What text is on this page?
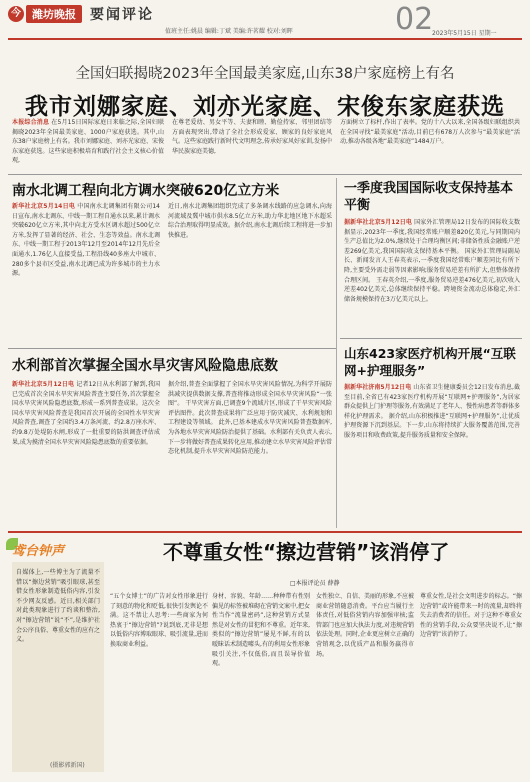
今	潍坊晚报	要闻评论
值班主任:姚晨 编辑:丁斌 美编:许茗耀 校对:刘晖	02
2023年5月15日 星期一
全国妇联揭晓2023年全国最美家庭,山东38户家庭榜上有名
我市刘娜家庭、刘亦光家庭、宋俊东家庭获选
本报综合消息 在5月15日国际家庭日来临之际,全国妇联揭晓2023年全国最美家庭、1000户家庭获选。其中,山东38户家庭榜上有名。我市刘娜家庭、刘亦光家庭、宋俊东家庭获选。这些家庭积极培育和践行社会主义核心价值观,
在尊老爱幼、男女平等、夫妻和睦、勤俭持家、邻里团结等方面表现突出,带动了全社会形成爱家、顾家的良好家庭风气。这些家庭践行新时代文明理念,传承好家风好家训,发扬中华民族家庭美德,
方面树立了标杆,作出了表率。党的十八大以来,全国各级妇联组织共在全国寻找“最美家庭”活动,目前已有678万人次参与“最美家庭”活动,推动各级各地“最美家庭”1484万户。
南水北调工程向北方调水突破620亿立方米
新华社北京5月14日电 中国南水北调集团有限公司14日宣布,南水北调东、中线一期工程自通水以来,累计调水突破620亿立方米,其中向北方受水区调水超过500亿立方米,发挥了显著的经济、社会、生态等效益。南水北调东、中线一期工程于2013年12月至2014年12月先后全面通水,1.76亿人直接受益,工程沿线40多座大中城市、280多个县市区受益,南水北调已成为许多城市的主力水源。
近日,南水北调集团组织完成了多条调水线路的应急调水,向海河流域及冀中城市供水8.5亿立方米,助力华北地区地下水超采综合治理取得明显成效。据介绍,南水北调后续工程将进一步加快推进。
水利部首次掌握全国水旱灾害风险隐患底数
新华社北京5月12日电 记者12日从水利部了解到,我国已完成首次全国水旱灾害风险普查主要任务,首次掌握全国水旱灾害风险隐患底数,形成一系列普查成果。这次全国水旱灾害风险普查是我国首次开展的全国性水旱灾害风险普查,调查了全国约3.4万条河流、约2.8万座水库、约9.8万处堤防水闸,形成了一批重要的防洪调查评估成果,成为摸清全国水旱灾害风险隐患底数的重要依据。
据介绍,普查全面掌握了全国水旱灾害风险情况,为科学开展防洪减灾提供数据支撑,普查将推动形成全国水旱灾害风险“一张图”。 干旱灾害方面,已调查9个流域片区,形成了干旱灾害风险评估图件。此次普查成果将广泛应用于防灾减灾、水利规划和工程建设等领域。 此外,已基本建成水旱灾害风险普查数据库,为各地水旱灾害风险防治提供了基础。水利部有关负责人表示,下一步将做好普查成果转化应用,推动建立水旱灾害风险评估常态化机制,提升水旱灾害风险防范能力。
一季度我国国际收支保持基本平衡
据新华社北京5月12日电 国家外汇管理局12日发布的国际收支数据显示,2023年一季度,我国经常账户顺差820亿美元,与同期国内生产总值比为2.0%,继续处于合理均衡区间;非储备性质金融账户逆差269亿美元,我国国际收支保持基本平衡。 国家外汇管理局副局长、新闻发言人王春英表示,一季度我国经常账户顺差同比有所下降,主要受外需走弱等因素影响;服务贸易逆差有所扩大,但整体保持合理区间。 王春英介绍,一季度,服务贸易逆差476亿美元,初次收入逆差402亿美元,总体继续保持平稳。跨境资金流动总体稳定,外汇储备规模保持在3万亿美元以上。
山东423家医疗机构开展“互联网+护理服务”
据新华社济南5月12日电 山东省卫生健康委员会12日发布消息,截至目前,全省已有423家医疗机构开展“互联网+护理服务”,为居家群众提供上门护理等服务,有效满足了老年人、慢性病患者等群体多样化护理需求。 据介绍,山东积极推进“互联网+护理服务”,让优质护理资源下沉到基层。下一步,山东将持续扩大服务覆盖范围,完善服务项目和收费政策,提升服务质量和安全保障。
鸢台钟声	不尊重女性“擦边营销”该消停了
□本报评论员 薛静
自媒体上,一些博主为了流量不惜以“擦边营销”吸引眼球,甚至借女性形象制造低俗内容,引发不少网友反感。近日,相关部门对此类现象进行了约谈和整治,对“擦边营销”说“不”,是维护社会公序良俗、尊重女性的应有之义。
(摄影郭新国)
“五个女博士”的广告对女性形象进行了刻意的物化和贬低,很快引发舆论不满。这不禁让人思考:一些商家为何热衷于“擦边营销”?说到底,无非是想以低俗内容博取眼球、吸引流量,进而换取商业利益。
身材、容貌、年龄……种种带有性别偏见的标签被堆砌在营销文案中,把女性当作“流量密码”,这种营销方式显然是对女性的冒犯和不尊重。近年来,类似的“擦边营销”屡见不鲜,有的以暧昧话术制造噱头,有的利用女性形象吸引关注,不仅低俗,而且误导价值观。
女性独立、自信、美丽的形象,不应被商业营销随意消费。平台应当履行主体责任,对低俗营销内容加强审核;监管部门也应加大执法力度,对违规营销依法处理。同时,企业更应树立正确的营销观念,以优质产品和服务赢得市场。
尊重女性,是社会文明进步的标志。“擦边营销”或许能带来一时的流量,却终将失去消费者的信任。对于这种不尊重女性的营销手段,公众要坚决说不,让“擦边营销”该消停了。
